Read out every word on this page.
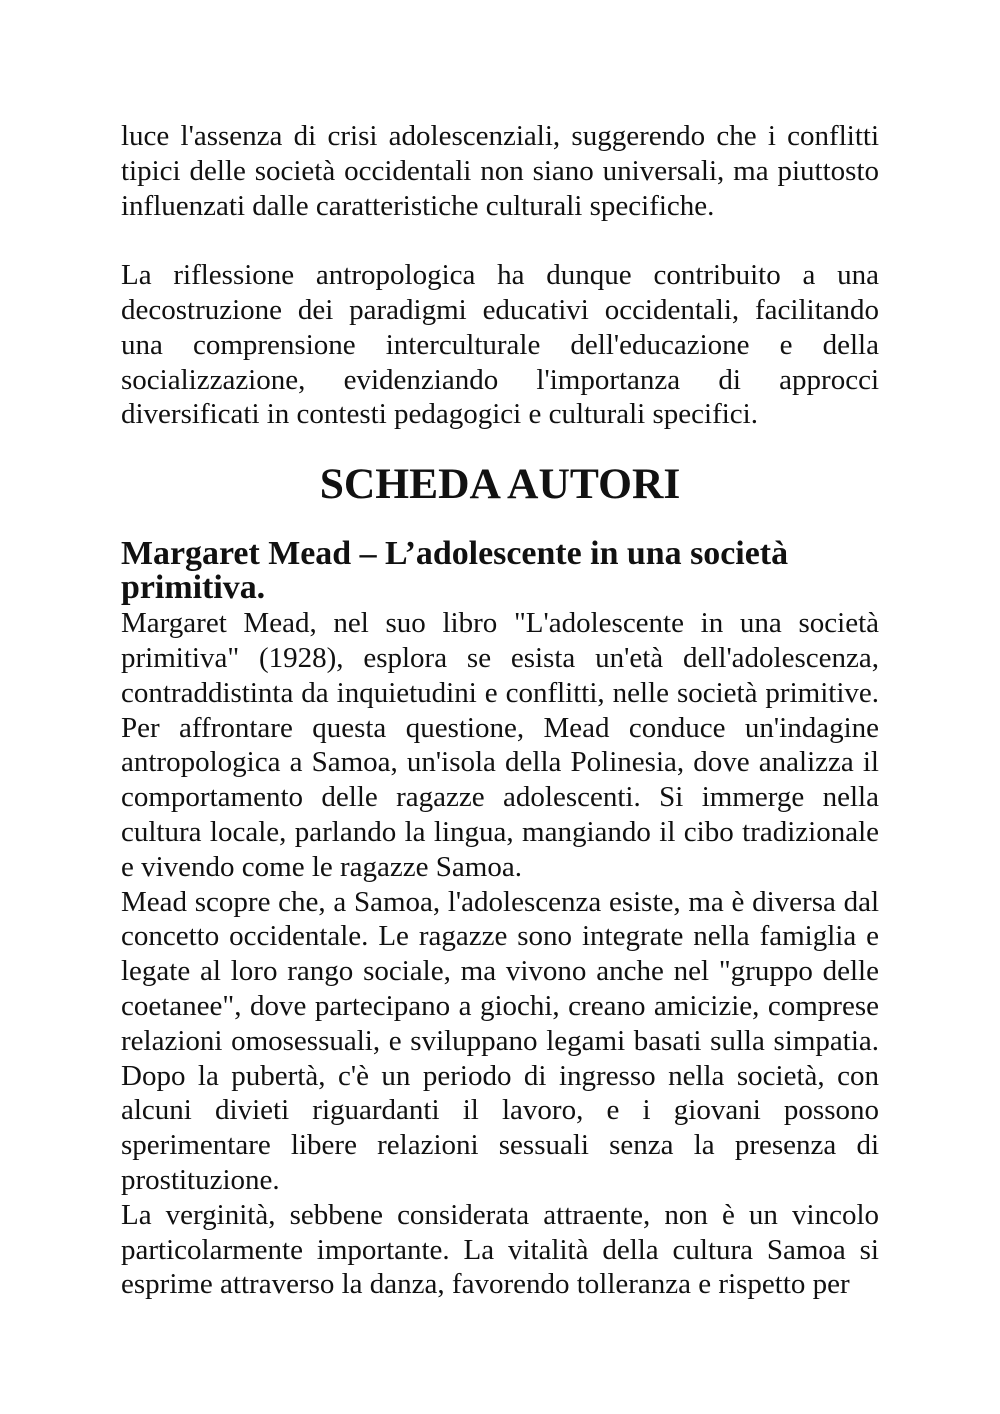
luce l'assenza di crisi adolescenziali, suggerendo che i conflitti tipici delle società occidentali non siano universali, ma piuttosto influenzati dalle caratteristiche culturali specifiche.

La riflessione antropologica ha dunque contribuito a una decostruzione dei paradigmi educativi occidentali, facilitando una comprensione interculturale dell'educazione e della socializzazione, evidenziando l'importanza di approcci diversificati in contesti pedagogici e culturali specifici.

SCHEDA AUTORI
Margaret Mead – L’adolescente in una società primitiva.

Margaret Mead, nel suo libro "L'adolescente in una società primitiva" (1928), esplora se esista un'età dell'adolescenza, contraddistinta da inquietudini e conflitti, nelle società primitive. Per affrontare questa questione, Mead conduce un'indagine antropologica a Samoa, un'isola della Polinesia, dove analizza il comportamento delle ragazze adolescenti. Si immerge nella cultura locale, parlando la lingua, mangiando il cibo tradizionale e vivendo come le ragazze Samoa.

Mead scopre che, a Samoa, l'adolescenza esiste, ma è diversa dal concetto occidentale. Le ragazze sono integrate nella famiglia e legate al loro rango sociale, ma vivono anche nel "gruppo delle coetanee", dove partecipano a giochi, creano amicizie, comprese relazioni omosessuali, e sviluppano legami basati sulla simpatia. Dopo la pubertà, c'è un periodo di ingresso nella società, con alcuni divieti riguardanti il lavoro, e i giovani possono sperimentare libere relazioni sessuali senza la presenza di prostituzione.

La verginità, sebbene considerata attraente, non è un vincolo particolarmente importante. La vitalità della cultura Samoa si esprime attraverso la danza, favorendo tolleranza e rispetto per
